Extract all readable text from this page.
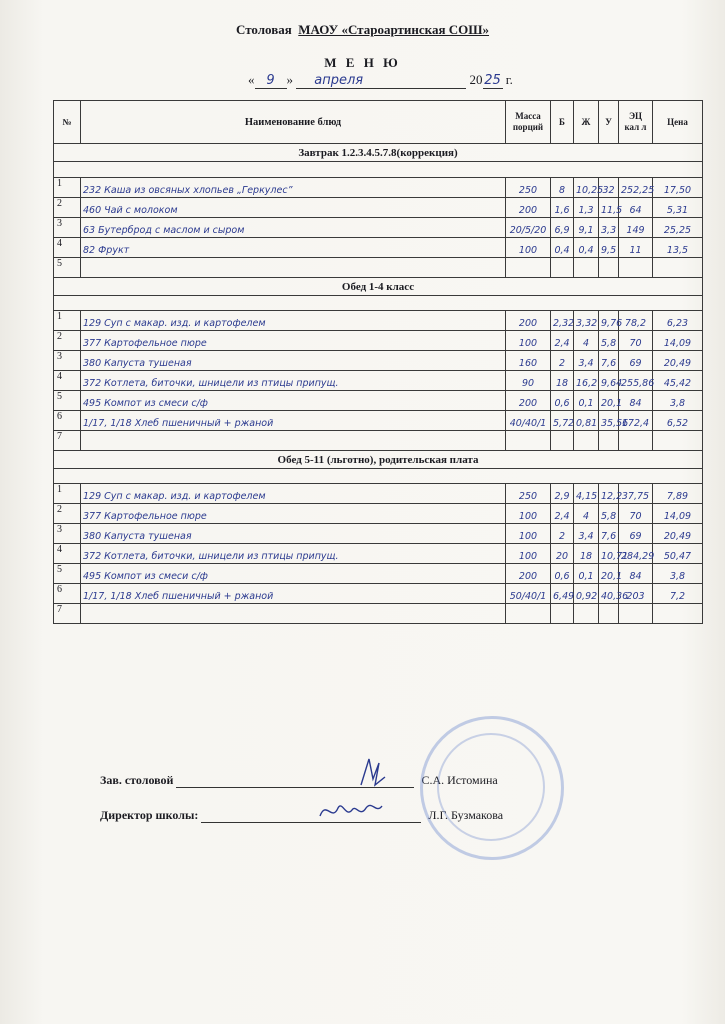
Столовая МАОУ «Староартинская СОШ»
М Е Н Ю
« 9 » апреля	20 25 г.
№	Наименование блюд	Масса порций	Б	Ж	У	ЭЦ кал л	Цена
Завтрак 1.2.3.4.5.7.8(коррекция)							

1	232 Каша из овсяных хлопьев „Геркулес”	250	8	10,25	32	252,25	17,50
2	460 Чай с молоком	200	1,6	1,3	11,5	64	5,31
3	63 Бутерброд с маслом и сыром	20/5/20	6,9	9,1	3,3	149	25,25
4	82 Фрукт	100	0,4	0,4	9,5	11	13,5
5							
Обед 1-4 класс							

1	129 Суп с макар. изд. и картофелем	200	2,32	3,32	9,76	78,2	6,23
2	377 Картофельное пюре	100	2,4	4	5,8	70	14,09
3	380 Капуста тушеная	160	2	3,4	7,6	69	20,49
4	372 Котлета, биточки, шницели из птицы припущ.	90	18	16,2	9,64	255,86	45,42
5	495 Компот из смеси с/ф	200	0,6	0,1	20,1	84	3,8
6	1/17, 1/18 Хлеб пшеничный + ржаной	40/40/1	5,72	0,81	35,56	172,4	6,52
7							
Обед 5-11 (льготно), родительская плата							

1	129 Суп с макар. изд. и картофелем	250	2,9	4,15	12,2	37,75	7,89
2	377 Картофельное пюре	100	2,4	4	5,8	70	14,09
3	380 Капуста тушеная	100	2	3,4	7,6	69	20,49
4	372 Котлета, биточки, шницели из птицы припущ.	100	20	18	10,71	284,29	50,47
5	495 Компот из смеси с/ф	200	0,6	0,1	20,1	84	3,8
6	1/17, 1/18 Хлеб пшеничный + ржаной	50/40/1	6,49	0,92	40,36	203	7,2
7							
Зав. столовой	С.А. Истомина
Директор школы:	Л.Г. Бузмакова
